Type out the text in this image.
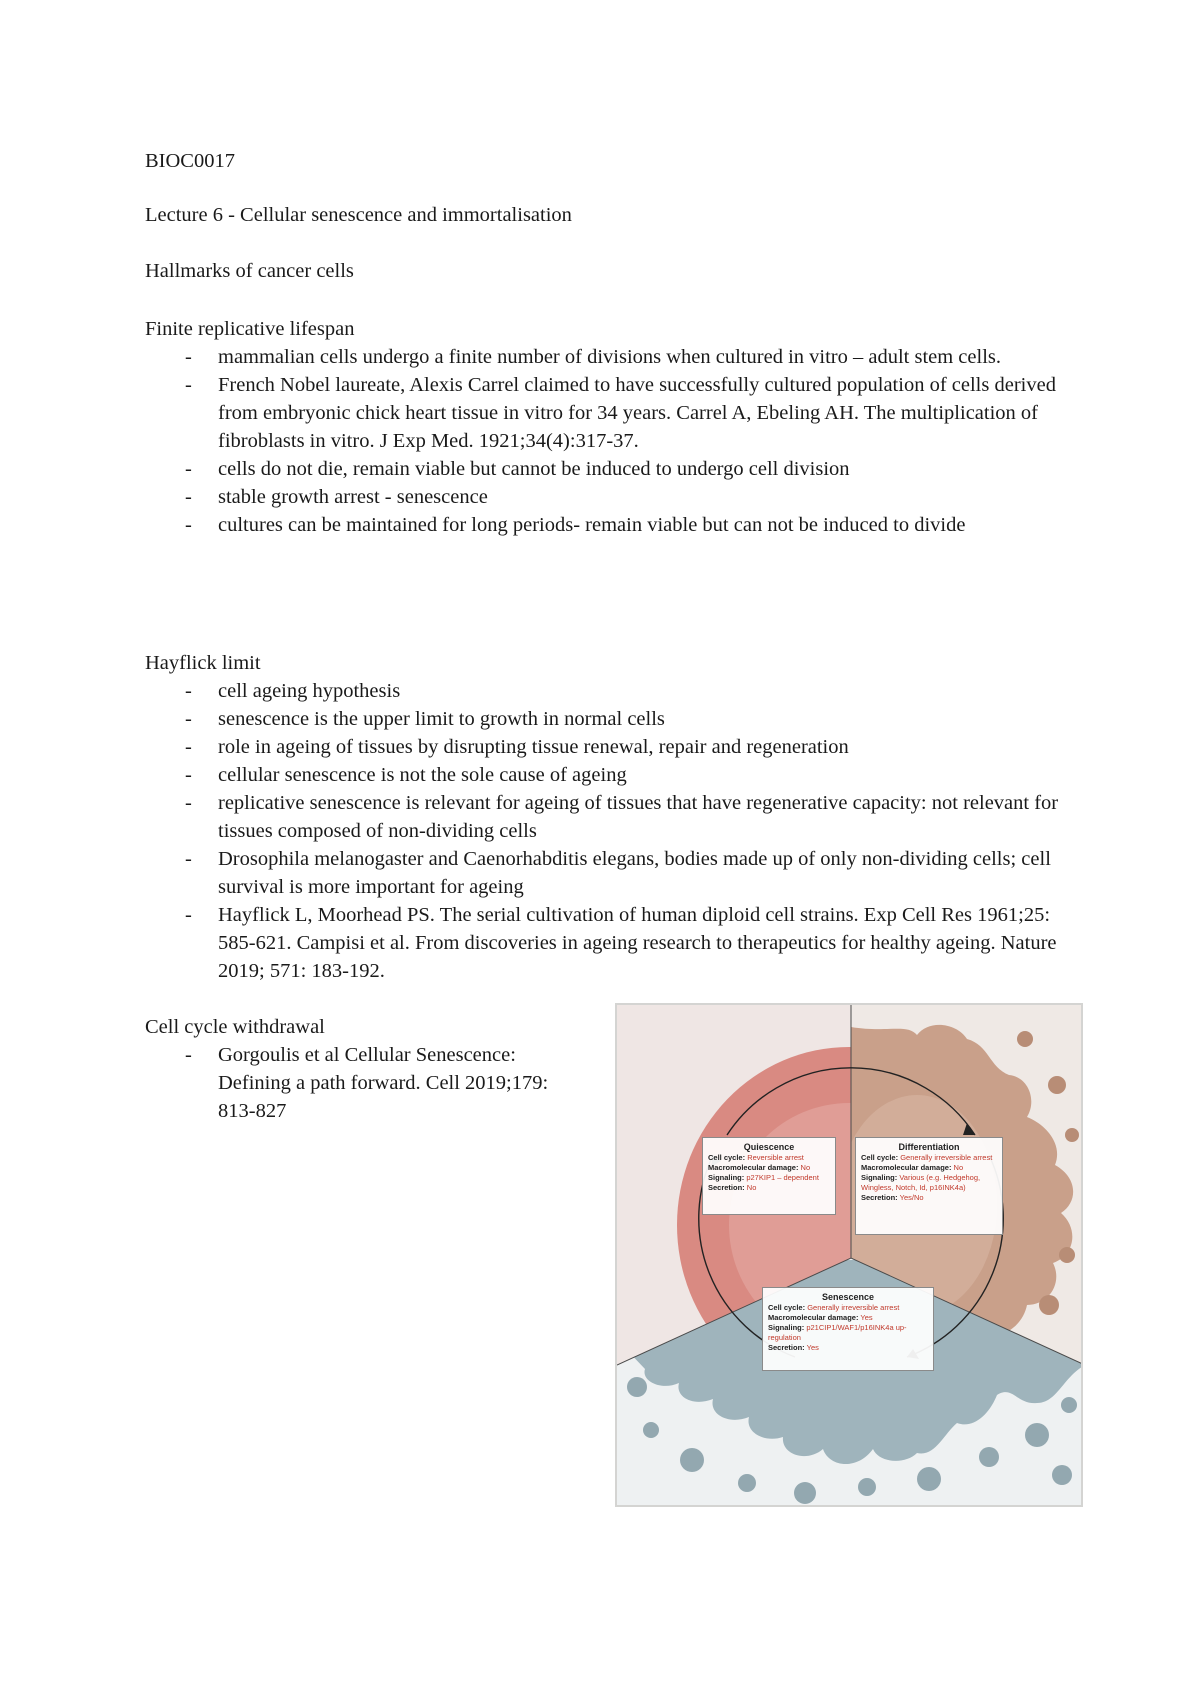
BIOC0017
Lecture 6 - Cellular senescence and immortalisation
Hallmarks of cancer cells
Finite replicative lifespan
- mammalian cells undergo a finite number of divisions when cultured in vitro – adult stem cells.
- French Nobel laureate, Alexis Carrel claimed to have successfully cultured population of cells derived from embryonic chick heart tissue in vitro for 34 years. Carrel A, Ebeling AH. The multiplication of fibroblasts in vitro. J Exp Med. 1921;34(4):317-37.
- cells do not die, remain viable but cannot be induced to undergo cell division
- stable growth arrest - senescence
- cultures can be maintained for long periods- remain viable but can not be induced to divide
Hayflick limit
- cell ageing hypothesis
- senescence is the upper limit to growth in normal cells
- role in ageing of tissues by disrupting tissue renewal, repair and regeneration
- cellular senescence is not the sole cause of ageing
- replicative senescence is relevant for ageing of tissues that have regenerative capacity: not relevant for tissues composed of non-dividing cells
- Drosophila melanogaster and Caenorhabditis elegans, bodies made up of only non-dividing cells; cell survival is more important for ageing
- Hayflick L, Moorhead PS. The serial cultivation of human diploid cell strains. Exp Cell Res 1961;25: 585-621. Campisi et al. From discoveries in ageing research to therapeutics for healthy ageing. Nature 2019; 571: 183-192.
Cell cycle withdrawal
- Gorgoulis et al Cellular Senescence: Defining a path forward. Cell 2019;179: 813-827
Quiescence
Cell cycle: Reversible arrest
Macromolecular damage: No
Signaling: p27KIP1 – dependent
Secretion: No
Differentiation
Cell cycle: Generally irreversible arrest
Macromolecular damage: No
Signaling: Various (e.g. Hedgehog, Wingless, Notch, Id, p16INK4a)
Secretion: Yes/No
Senescence
Cell cycle: Generally irreversible arrest
Macromolecular damage: Yes
Signaling: p21CIP1/WAF1/p16INK4a up-regulation
Secretion: Yes
